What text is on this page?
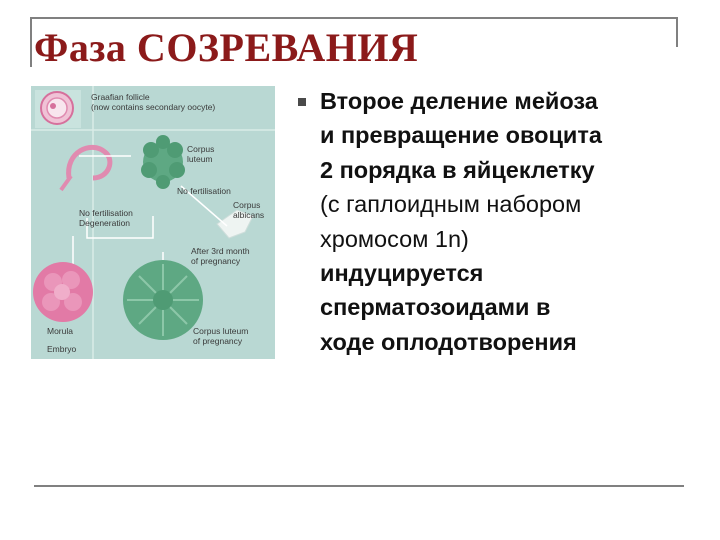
Фаза СОЗРЕВАНИЯ
Graafian follicle
(now contains secondary oocyte)
Corpus
luteum
No fertilisation
No fertilisation
Degeneration
Corpus
albicans
After 3rd month
of pregnancy
Morula
Embryo
Corpus luteum
of pregnancy

Второе деление мейоза
и превращение овоцита
2 порядка в яйцеклетку
(с гаплоидным набором
хромосом 1n)
индуцируется
сперматозоидами в
ходе оплодотворения
